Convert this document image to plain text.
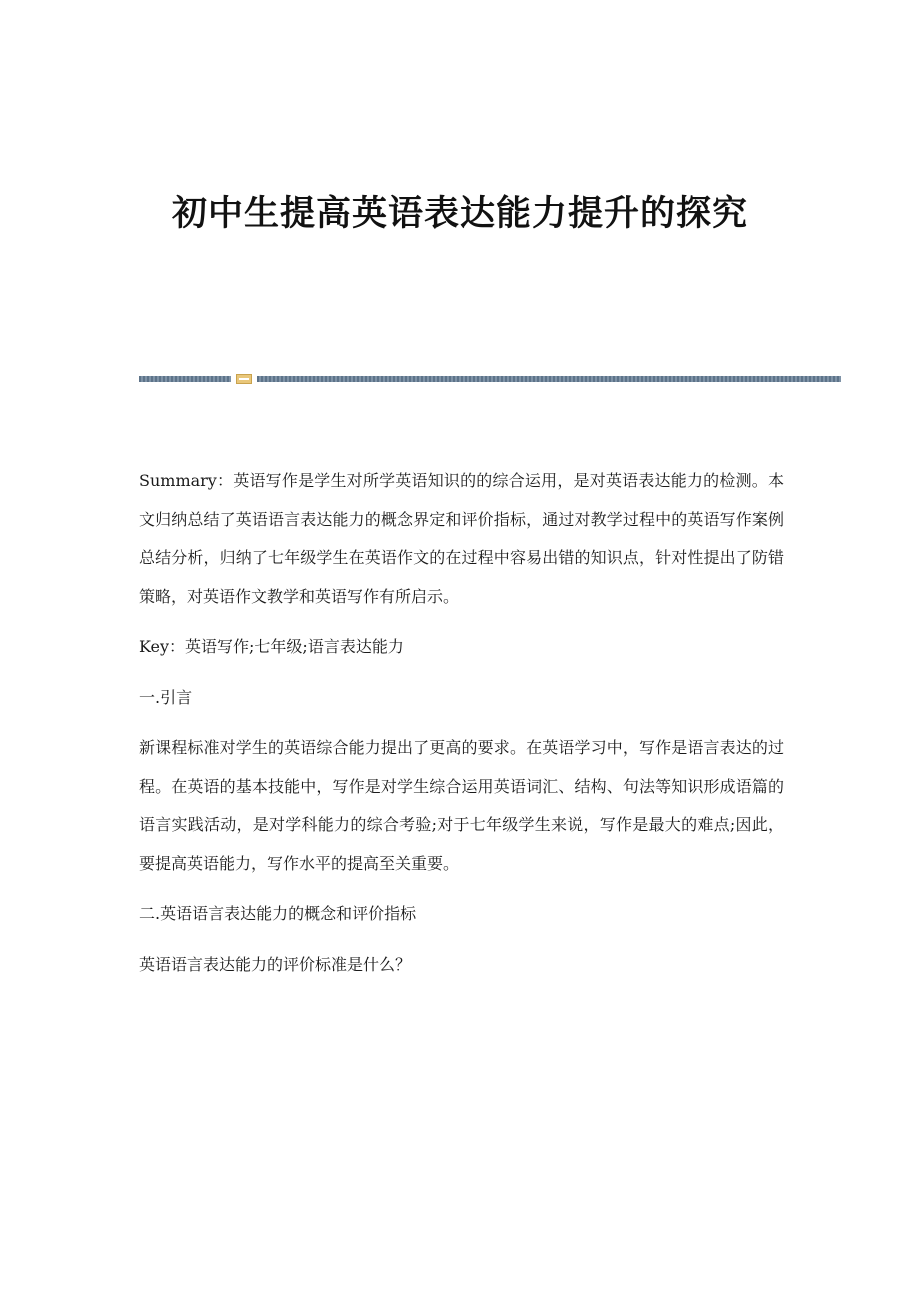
初中生提高英语表达能力提升的探究

Summary：英语写作是学生对所学英语知识的的综合运用，是对英语表达能力的检测。本文归纳总结了英语语言表达能力的概念界定和评价指标，通过对教学过程中的英语写作案例总结分析，归纳了七年级学生在英语作文的在过程中容易出错的知识点，针对性提出了防错策略，对英语作文教学和英语写作有所启示。

Key：英语写作;七年级;语言表达能力

一.引言

新课程标准对学生的英语综合能力提出了更高的要求。在英语学习中，写作是语言表达的过程。在英语的基本技能中，写作是对学生综合运用英语词汇、结构、句法等知识形成语篇的语言实践活动，是对学科能力的综合考验;对于七年级学生来说，写作是最大的难点;因此，要提高英语能力，写作水平的提高至关重要。

二.英语语言表达能力的概念和评价指标

英语语言表达能力的评价标准是什么？
